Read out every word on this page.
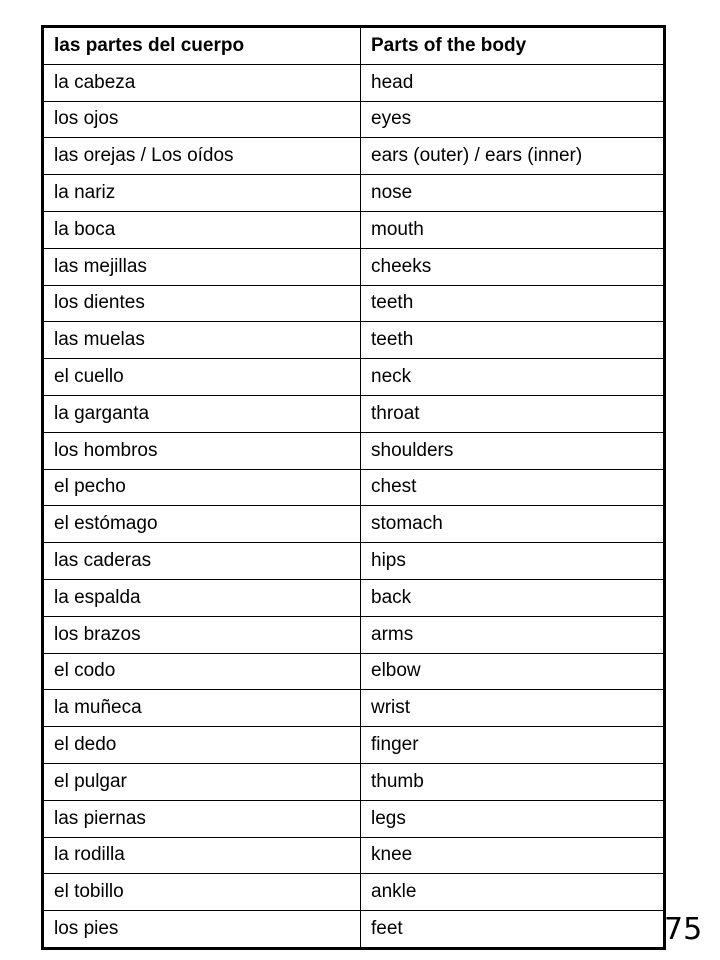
las partes del cuerpo	Parts of the body
la cabeza	head
los ojos	eyes
las orejas / Los oídos	ears (outer) / ears (inner)
la nariz	nose
la boca	mouth
las mejillas	cheeks
los dientes	teeth
las muelas	teeth
el cuello	neck
la garganta	throat
los hombros	shoulders
el pecho	chest
el estómago	stomach
las caderas	hips
la espalda	back
los brazos	arms
el codo	elbow
la muñeca	wrist
el dedo	finger
el pulgar	thumb
las piernas	legs
la rodilla	knee
el tobillo	ankle
los pies	feet	75
